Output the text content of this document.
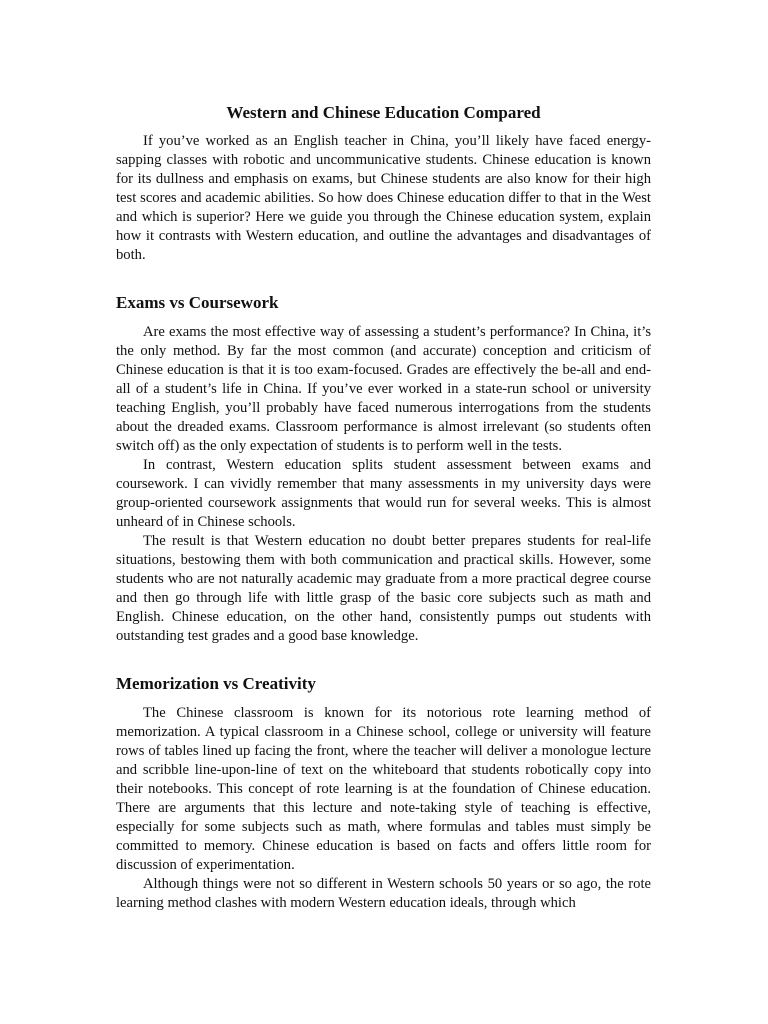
Western and Chinese Education Compared

If you’ve worked as an English teacher in China, you’ll likely have faced energy-sapping classes with robotic and uncommunicative students. Chinese education is known for its dullness and emphasis on exams, but Chinese students are also know for their high test scores and academic abilities. So how does Chinese education differ to that in the West and which is superior? Here we guide you through the Chinese education system, explain how it contrasts with Western education, and outline the advantages and disadvantages of both.

Exams vs Coursework

Are exams the most effective way of assessing a student’s performance? In China, it’s the only method. By far the most common (and accurate) conception and criticism of Chinese education is that it is too exam-focused. Grades are effectively the be-all and end-all of a student’s life in China. If you’ve ever worked in a state-run school or university teaching English, you’ll probably have faced numerous interrogations from the students about the dreaded exams. Classroom performance is almost irrelevant (so students often switch off) as the only expectation of students is to perform well in the tests.

In contrast, Western education splits student assessment between exams and coursework. I can vividly remember that many assessments in my university days were group-oriented coursework assignments that would run for several weeks. This is almost unheard of in Chinese schools.

The result is that Western education no doubt better prepares students for real-life situations, bestowing them with both communication and practical skills. However, some students who are not naturally academic may graduate from a more practical degree course and then go through life with little grasp of the basic core subjects such as math and English. Chinese education, on the other hand, consistently pumps out students with outstanding test grades and a good base knowledge.

Memorization vs Creativity

The Chinese classroom is known for its notorious rote learning method of memorization. A typical classroom in a Chinese school, college or university will feature rows of tables lined up facing the front, where the teacher will deliver a monologue lecture and scribble line-upon-line of text on the whiteboard that students robotically copy into their notebooks. This concept of rote learning is at the foundation of Chinese education. There are arguments that this lecture and note-taking style of teaching is effective, especially for some subjects such as math, where formulas and tables must simply be committed to memory. Chinese education is based on facts and offers little room for discussion of experimentation.

Although things were not so different in Western schools 50 years or so ago, the rote learning method clashes with modern Western education ideals, through which
